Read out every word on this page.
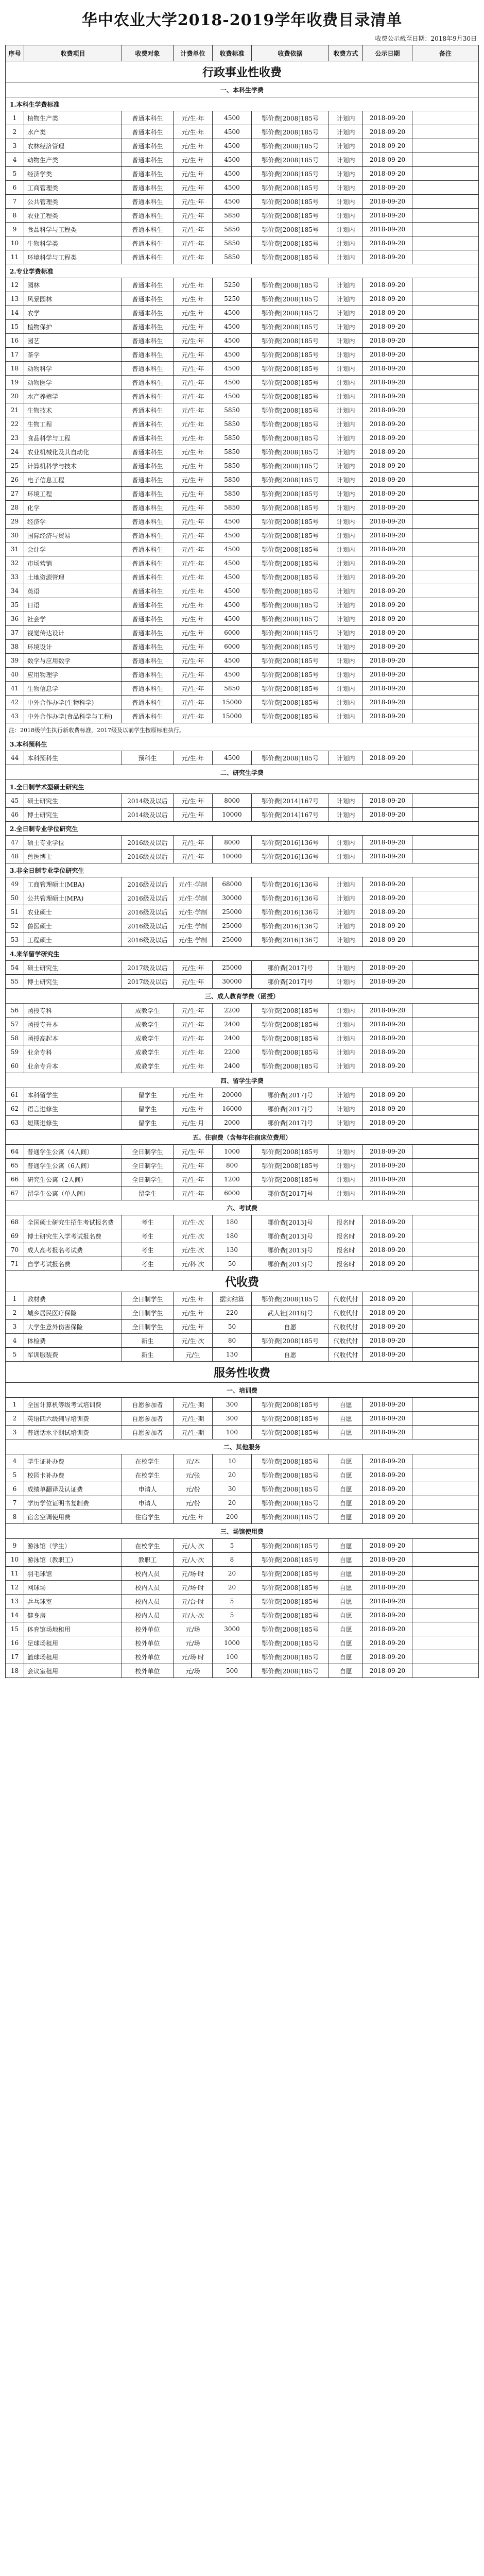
华中农业大学2018-2019学年收费目录清单
收费公示截至日期：2018年9月30日
序号	收费项目	收费对象	计费单位	收费标准	收费依据	收费方式	公示日期	备注
行政事业性收费								
一、本科生学费								
1.本科生学费标准								
1	植物生产类	普通本科生	元/生·年	4500	鄂价费[2008]185号	计划内	2018-09-20	
2	水产类	普通本科生	元/生·年	4500	鄂价费[2008]185号	计划内	2018-09-20	
3	农林经济管理	普通本科生	元/生·年	4500	鄂价费[2008]185号	计划内	2018-09-20	
4	动物生产类	普通本科生	元/生·年	4500	鄂价费[2008]185号	计划内	2018-09-20	
5	经济学类	普通本科生	元/生·年	4500	鄂价费[2008]185号	计划内	2018-09-20	
6	工商管理类	普通本科生	元/生·年	4500	鄂价费[2008]185号	计划内	2018-09-20	
7	公共管理类	普通本科生	元/生·年	4500	鄂价费[2008]185号	计划内	2018-09-20	
8	农业工程类	普通本科生	元/生·年	5850	鄂价费[2008]185号	计划内	2018-09-20	
9	食品科学与工程类	普通本科生	元/生·年	5850	鄂价费[2008]185号	计划内	2018-09-20	
10	生物科学类	普通本科生	元/生·年	5850	鄂价费[2008]185号	计划内	2018-09-20	
11	环境科学与工程类	普通本科生	元/生·年	5850	鄂价费[2008]185号	计划内	2018-09-20	
2.专业学费标准								
12	园林	普通本科生	元/生·年	5250	鄂价费[2008]185号	计划内	2018-09-20	
13	风景园林	普通本科生	元/生·年	5250	鄂价费[2008]185号	计划内	2018-09-20	
14	农学	普通本科生	元/生·年	4500	鄂价费[2008]185号	计划内	2018-09-20	
15	植物保护	普通本科生	元/生·年	4500	鄂价费[2008]185号	计划内	2018-09-20	
16	园艺	普通本科生	元/生·年	4500	鄂价费[2008]185号	计划内	2018-09-20	
17	茶学	普通本科生	元/生·年	4500	鄂价费[2008]185号	计划内	2018-09-20	
18	动物科学	普通本科生	元/生·年	4500	鄂价费[2008]185号	计划内	2018-09-20	
19	动物医学	普通本科生	元/生·年	4500	鄂价费[2008]185号	计划内	2018-09-20	
20	水产养殖学	普通本科生	元/生·年	4500	鄂价费[2008]185号	计划内	2018-09-20	
21	生物技术	普通本科生	元/生·年	5850	鄂价费[2008]185号	计划内	2018-09-20	
22	生物工程	普通本科生	元/生·年	5850	鄂价费[2008]185号	计划内	2018-09-20	
23	食品科学与工程	普通本科生	元/生·年	5850	鄂价费[2008]185号	计划内	2018-09-20	
24	农业机械化及其自动化	普通本科生	元/生·年	5850	鄂价费[2008]185号	计划内	2018-09-20	
25	计算机科学与技术	普通本科生	元/生·年	5850	鄂价费[2008]185号	计划内	2018-09-20	
26	电子信息工程	普通本科生	元/生·年	5850	鄂价费[2008]185号	计划内	2018-09-20	
27	环境工程	普通本科生	元/生·年	5850	鄂价费[2008]185号	计划内	2018-09-20	
28	化学	普通本科生	元/生·年	5850	鄂价费[2008]185号	计划内	2018-09-20	
29	经济学	普通本科生	元/生·年	4500	鄂价费[2008]185号	计划内	2018-09-20	
30	国际经济与贸易	普通本科生	元/生·年	4500	鄂价费[2008]185号	计划内	2018-09-20	
31	会计学	普通本科生	元/生·年	4500	鄂价费[2008]185号	计划内	2018-09-20	
32	市场营销	普通本科生	元/生·年	4500	鄂价费[2008]185号	计划内	2018-09-20	
33	土地资源管理	普通本科生	元/生·年	4500	鄂价费[2008]185号	计划内	2018-09-20	
34	英语	普通本科生	元/生·年	4500	鄂价费[2008]185号	计划内	2018-09-20	
35	日语	普通本科生	元/生·年	4500	鄂价费[2008]185号	计划内	2018-09-20	
36	社会学	普通本科生	元/生·年	4500	鄂价费[2008]185号	计划内	2018-09-20	
37	视觉传达设计	普通本科生	元/生·年	6000	鄂价费[2008]185号	计划内	2018-09-20	
38	环境设计	普通本科生	元/生·年	6000	鄂价费[2008]185号	计划内	2018-09-20	
39	数学与应用数学	普通本科生	元/生·年	4500	鄂价费[2008]185号	计划内	2018-09-20	
40	应用物理学	普通本科生	元/生·年	4500	鄂价费[2008]185号	计划内	2018-09-20	
41	生物信息学	普通本科生	元/生·年	5850	鄂价费[2008]185号	计划内	2018-09-20	
42	中外合作办学(生物科学)	普通本科生	元/生·年	15000	鄂价费[2008]185号	计划内	2018-09-20	
43	中外合作办学(食品科学与工程)	普通本科生	元/生·年	15000	鄂价费[2008]185号	计划内	2018-09-20	
注：2018级学生执行新收费标准，2017级及以前学生按原标准执行。								
3.本科预科生								
44	本科预科生	预科生	元/生·年	4500	鄂价费[2008]185号	计划内	2018-09-20	
二、研究生学费								
1.全日制学术型硕士研究生								
45	硕士研究生	2014级及以后	元/生·年	8000	鄂价费[2014]167号	计划内	2018-09-20	
46	博士研究生	2014级及以后	元/生·年	10000	鄂价费[2014]167号	计划内	2018-09-20	
2.全日制专业学位研究生								
47	硕士专业学位	2016级及以后	元/生·年	8000	鄂价费[2016]136号	计划内	2018-09-20	
48	兽医博士	2016级及以后	元/生·年	10000	鄂价费[2016]136号	计划内	2018-09-20	
3.非全日制专业学位研究生								
49	工商管理硕士(MBA)	2016级及以后	元/生·学制	68000	鄂价费[2016]136号	计划内	2018-09-20	
50	公共管理硕士(MPA)	2016级及以后	元/生·学制	30000	鄂价费[2016]136号	计划内	2018-09-20	
51	农业硕士	2016级及以后	元/生·学制	25000	鄂价费[2016]136号	计划内	2018-09-20	
52	兽医硕士	2016级及以后	元/生·学制	25000	鄂价费[2016]136号	计划内	2018-09-20	
53	工程硕士	2016级及以后	元/生·学制	25000	鄂价费[2016]136号	计划内	2018-09-20	
4.来华留学研究生								
54	硕士研究生	2017级及以后	元/生·年	25000	鄂价费[2017]号	计划内	2018-09-20	
55	博士研究生	2017级及以后	元/生·年	30000	鄂价费[2017]号	计划内	2018-09-20	
三、成人教育学费（函授）								
56	函授专科	成教学生	元/生·年	2200	鄂价费[2008]185号	计划内	2018-09-20	
57	函授专升本	成教学生	元/生·年	2400	鄂价费[2008]185号	计划内	2018-09-20	
58	函授高起本	成教学生	元/生·年	2400	鄂价费[2008]185号	计划内	2018-09-20	
59	业余专科	成教学生	元/生·年	2200	鄂价费[2008]185号	计划内	2018-09-20	
60	业余专升本	成教学生	元/生·年	2400	鄂价费[2008]185号	计划内	2018-09-20	
四、留学生学费								
61	本科留学生	留学生	元/生·年	20000	鄂价费[2017]号	计划内	2018-09-20	
62	语言进修生	留学生	元/生·年	16000	鄂价费[2017]号	计划内	2018-09-20	
63	短期进修生	留学生	元/生·月	2000	鄂价费[2017]号	计划内	2018-09-20	
五、住宿费（含每年住宿床位费用）								
64	普通学生公寓（4人间）	全日制学生	元/生·年	1000	鄂价费[2008]185号	计划内	2018-09-20	
65	普通学生公寓（6人间）	全日制学生	元/生·年	800	鄂价费[2008]185号	计划内	2018-09-20	
66	研究生公寓（2人间）	全日制学生	元/生·年	1200	鄂价费[2008]185号	计划内	2018-09-20	
67	留学生公寓（单人间）	留学生	元/生·年	6000	鄂价费[2017]号	计划内	2018-09-20	
六、考试费								
68	全国硕士研究生招生考试报名费	考生	元/生·次	180	鄂价费[2013]号	报名时	2018-09-20	
69	博士研究生入学考试报名费	考生	元/生·次	180	鄂价费[2013]号	报名时	2018-09-20	
70	成人高考报名考试费	考生	元/生·次	130	鄂价费[2013]号	报名时	2018-09-20	
71	自学考试报名费	考生	元/科·次	50	鄂价费[2013]号	报名时	2018-09-20	
代收费								
1	教材费	全日制学生	元/生·年	据实结算	鄂价费[2008]185号	代收代付	2018-09-20	
2	城乡居民医疗保险	全日制学生	元/生·年	220	武人社[2018]号	代收代付	2018-09-20	
3	大学生意外伤害保险	全日制学生	元/生·年	50	自愿	代收代付	2018-09-20	
4	体检费	新生	元/生·次	80	鄂价费[2008]185号	代收代付	2018-09-20	
5	军训服装费	新生	元/生	130	自愿	代收代付	2018-09-20	
服务性收费								
一、培训费								
1	全国计算机等级考试培训费	自愿参加者	元/生·期	300	鄂价费[2008]185号	自愿	2018-09-20	
2	英语四六级辅导培训费	自愿参加者	元/生·期	300	鄂价费[2008]185号	自愿	2018-09-20	
3	普通话水平测试培训费	自愿参加者	元/生·期	100	鄂价费[2008]185号	自愿	2018-09-20	
二、其他服务								
4	学生证补办费	在校学生	元/本	10	鄂价费[2008]185号	自愿	2018-09-20	
5	校园卡补办费	在校学生	元/张	20	鄂价费[2008]185号	自愿	2018-09-20	
6	成绩单翻译及认证费	申请人	元/份	30	鄂价费[2008]185号	自愿	2018-09-20	
7	学历学位证明书复制费	申请人	元/份	20	鄂价费[2008]185号	自愿	2018-09-20	
8	宿舍空调使用费	住宿学生	元/生·年	200	鄂价费[2008]185号	自愿	2018-09-20	
三、场馆使用费								
9	游泳馆（学生）	在校学生	元/人·次	5	鄂价费[2008]185号	自愿	2018-09-20	
10	游泳馆（教职工）	教职工	元/人·次	8	鄂价费[2008]185号	自愿	2018-09-20	
11	羽毛球馆	校内人员	元/场·时	20	鄂价费[2008]185号	自愿	2018-09-20	
12	网球场	校内人员	元/场·时	20	鄂价费[2008]185号	自愿	2018-09-20	
13	乒乓球室	校内人员	元/台·时	5	鄂价费[2008]185号	自愿	2018-09-20	
14	健身房	校内人员	元/人·次	5	鄂价费[2008]185号	自愿	2018-09-20	
15	体育馆场地租用	校外单位	元/场	3000	鄂价费[2008]185号	自愿	2018-09-20	
16	足球场租用	校外单位	元/场	1000	鄂价费[2008]185号	自愿	2018-09-20	
17	篮球场租用	校外单位	元/场·时	100	鄂价费[2008]185号	自愿	2018-09-20	
18	会议室租用	校外单位	元/场	500	鄂价费[2008]185号	自愿	2018-09-20	
